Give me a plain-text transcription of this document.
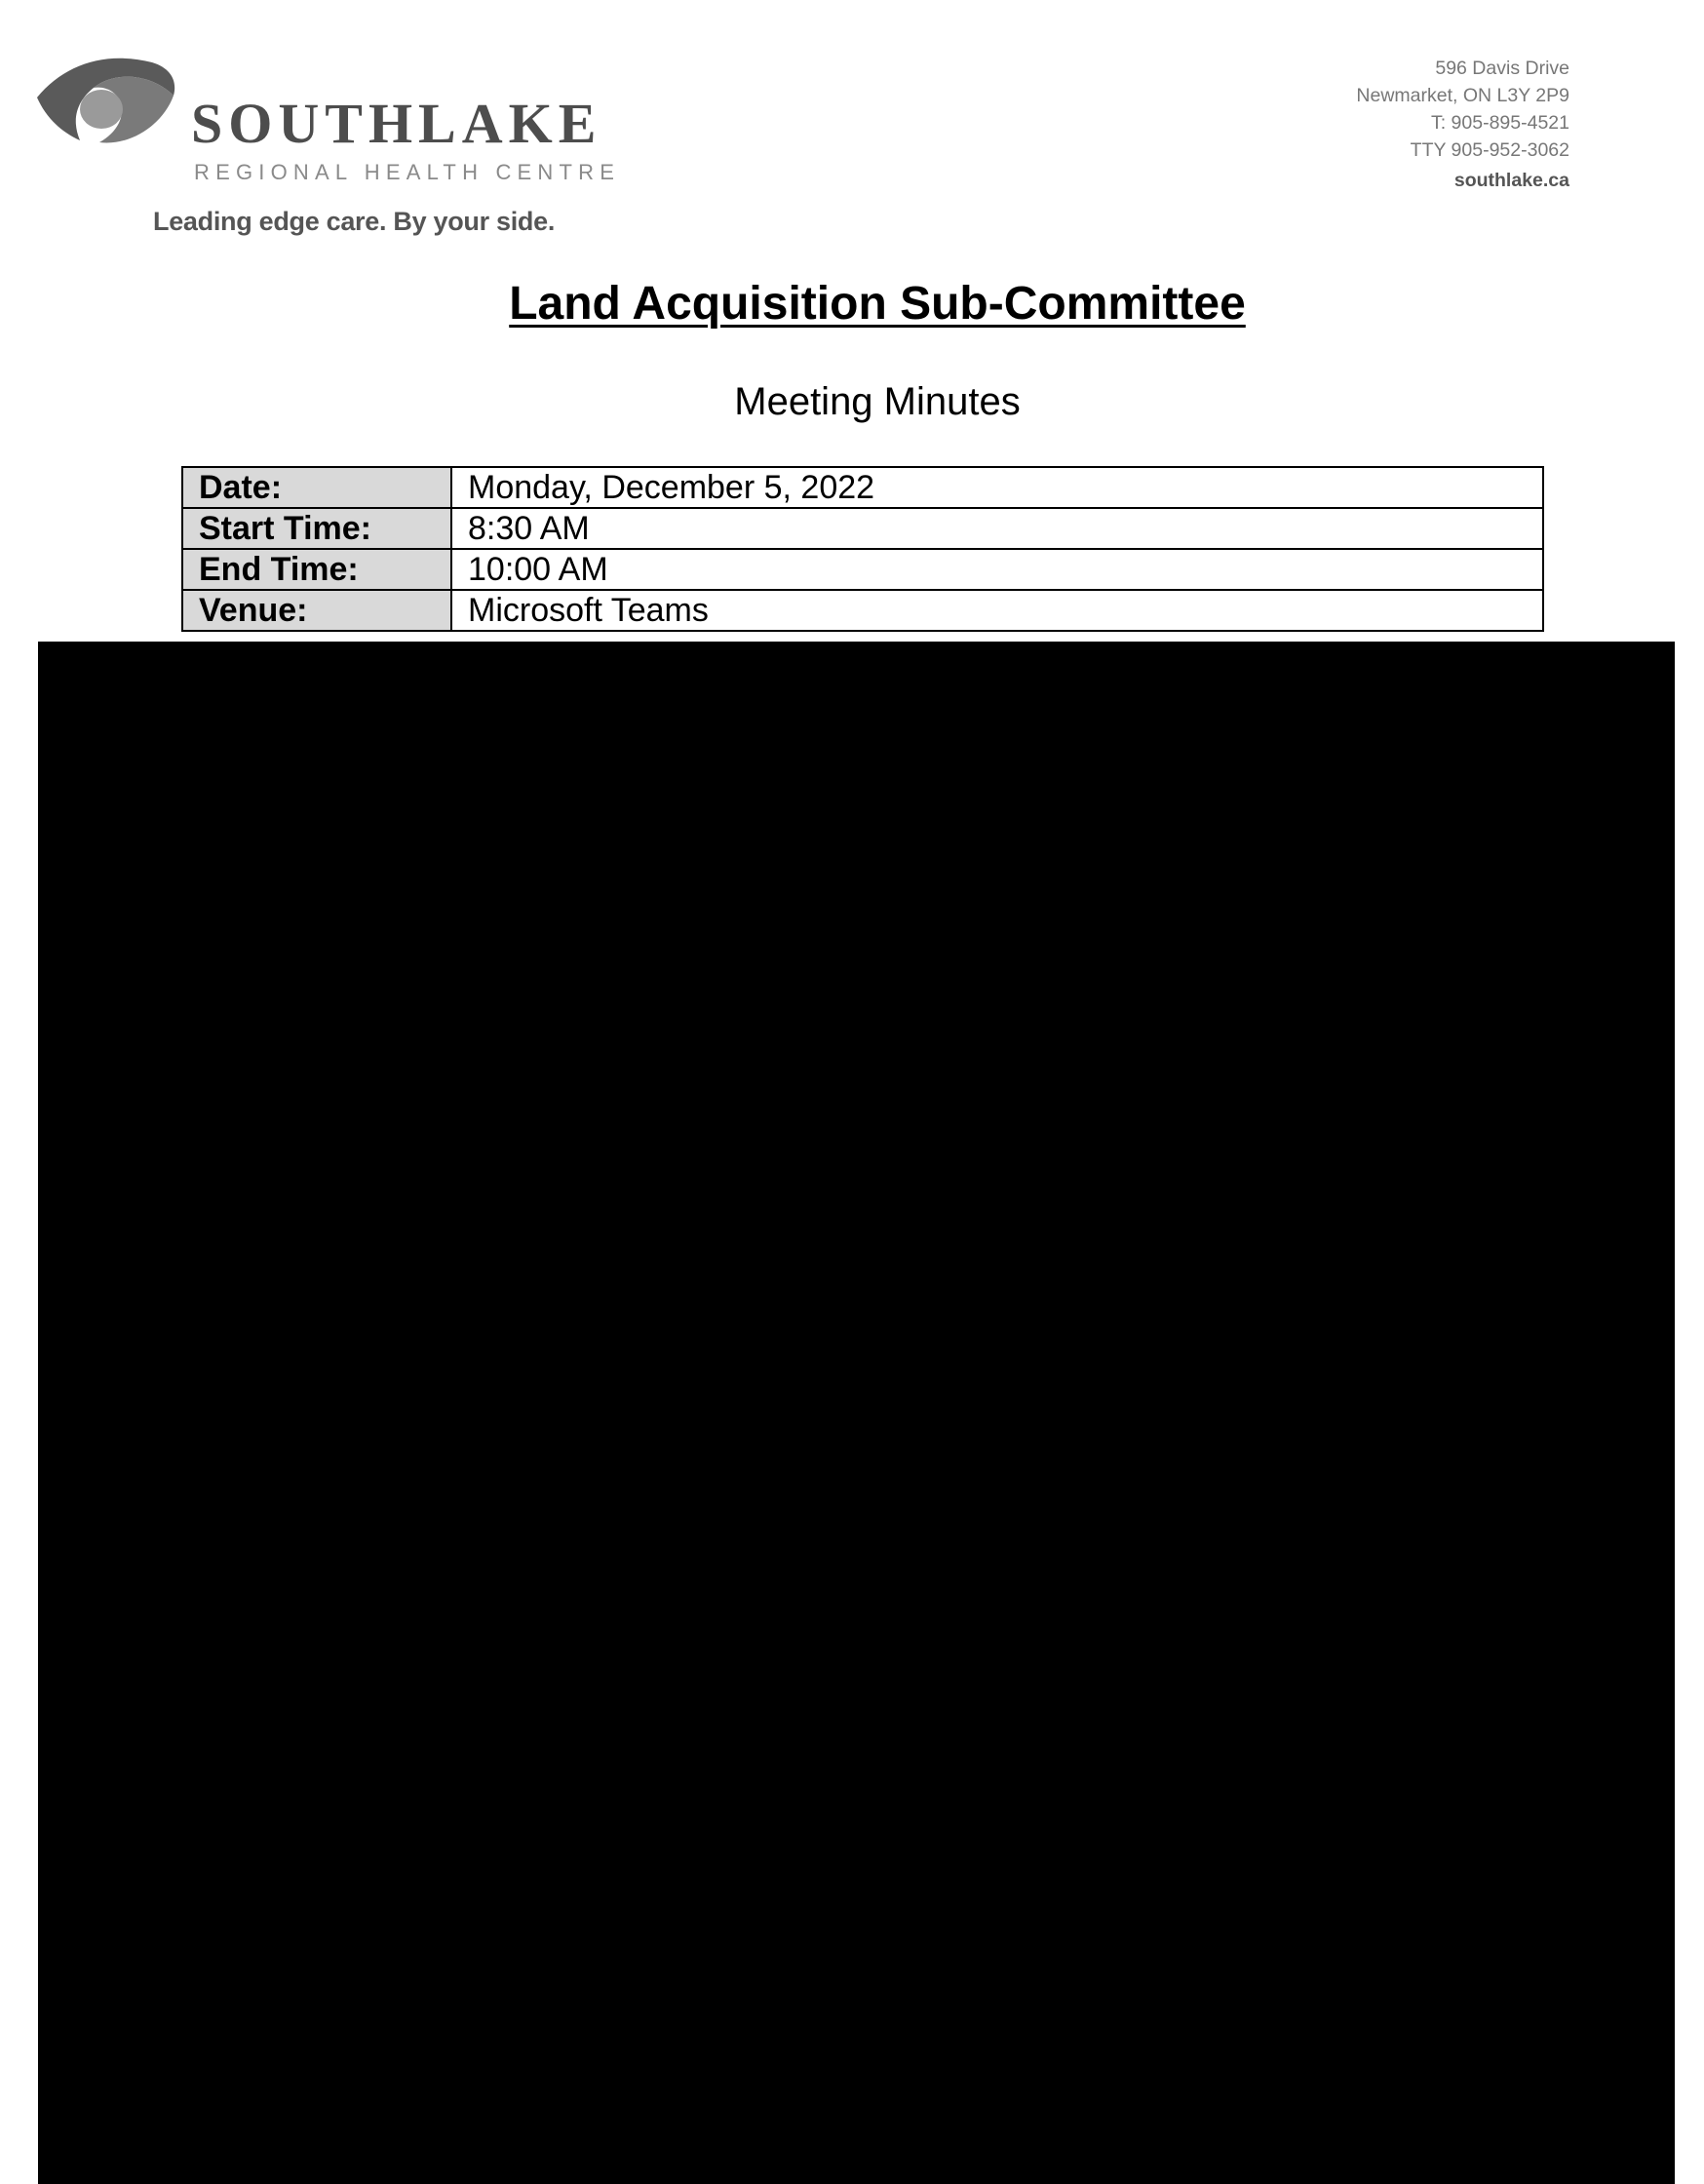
SOUTHLAKE
REGIONAL HEALTH CENTRE
Leading edge care. By your side.
596 Davis Drive
Newmarket, ON L3Y 2P9
T: 905-895-4521
TTY 905-952-3062
southlake.ca
Land Acquisition Sub-Committee
Meeting Minutes
Date:	Monday, December 5, 2022
Start Time:	8:30 AM
End Time:	10:00 AM
Venue:	Microsoft Teams
